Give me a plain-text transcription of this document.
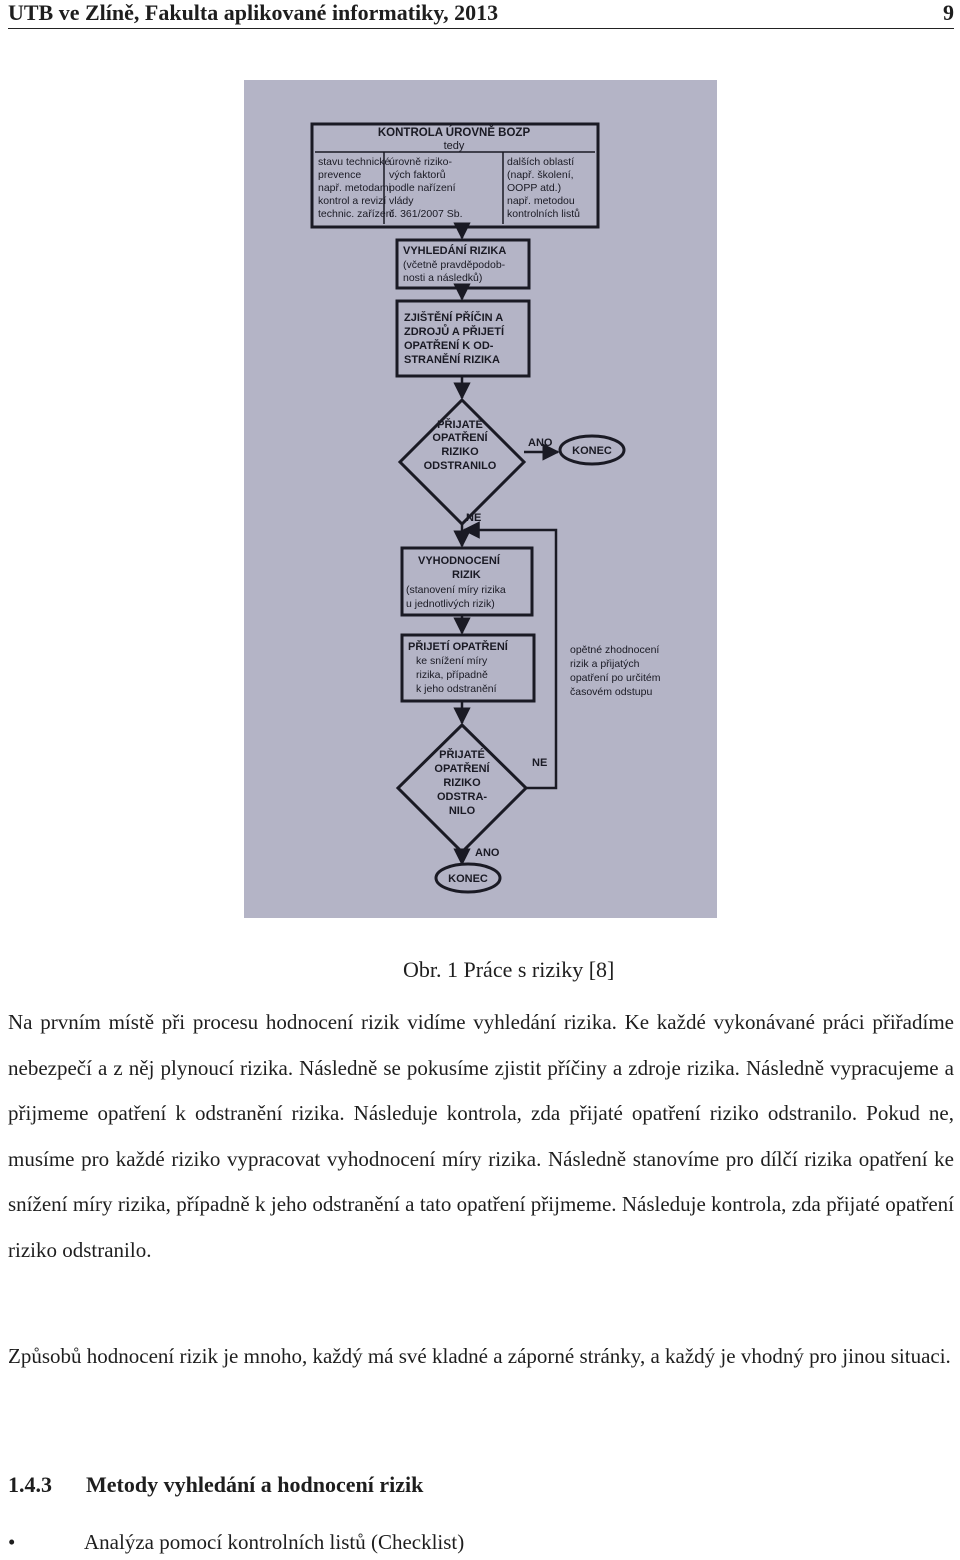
UTB ve Zlíně, Fakulta aplikované informatiky, 2013	9
KONTROLA ÚROVNĚ BOZP
tedy
stavu technické
prevence
např. metodami
kontrol a revizí
technic. zařízení
úrovně riziko-
vých faktorů
podle nařízení
vlády
č. 361/2007 Sb.
dalších oblastí
(např. školení,
OOPP atd.)
např. metodou
kontrolních listů
VYHLEDÁNÍ RIZIKA
(včetně pravděpodob-
nosti a následků)
ZJIŠTĚNÍ PŘÍČIN A
ZDROJŮ A PŘIJETÍ
OPATŘENÍ K OD-
STRANĚNÍ RIZIKA
PŘIJATÉ
OPATŘENÍ
RIZIKO
ODSTRANILO
ANO
KONEC
NE
VYHODNOCENÍ
RIZIK
(stanovení míry rizika
u jednotlivých rizik)
PŘIJETÍ OPATŘENÍ
ke snížení míry
rizika, případně
k jeho odstranění
opětné zhodnocení
rizik a přijatých
opatření po určitém
časovém odstupu
PŘIJATÉ
OPATŘENÍ
RIZIKO
ODSTRA-
NILO
NE
ANO
KONEC
Obr. 1 Práce s riziky [8]
Na prvním místě při procesu hodnocení rizik vidíme vyhledání rizika. Ke každé vykonávané práci přiřadíme nebezpečí a z něj plynoucí rizika. Následně se pokusíme zjistit příčiny a zdroje rizika. Následně vypracujeme a přijmeme opatření k odstranění rizika. Následuje kontrola, zda přijaté opatření riziko odstranilo. Pokud ne, musíme pro každé riziko vypracovat vyhodnocení míry rizika. Následně stanovíme pro dílčí rizika opatření ke snížení míry rizika, případně k jeho odstranění a tato opatření přijmeme. Následuje kontrola, zda přijaté opatření riziko odstranilo.
Způsobů hodnocení rizik je mnoho, každý má své kladné a záporné stránky, a každý je vhodný pro jinou situaci.
1.4.3 Metody vyhledání a hodnocení rizik
•	Analýza pomocí kontrolních listů (Checklist)
